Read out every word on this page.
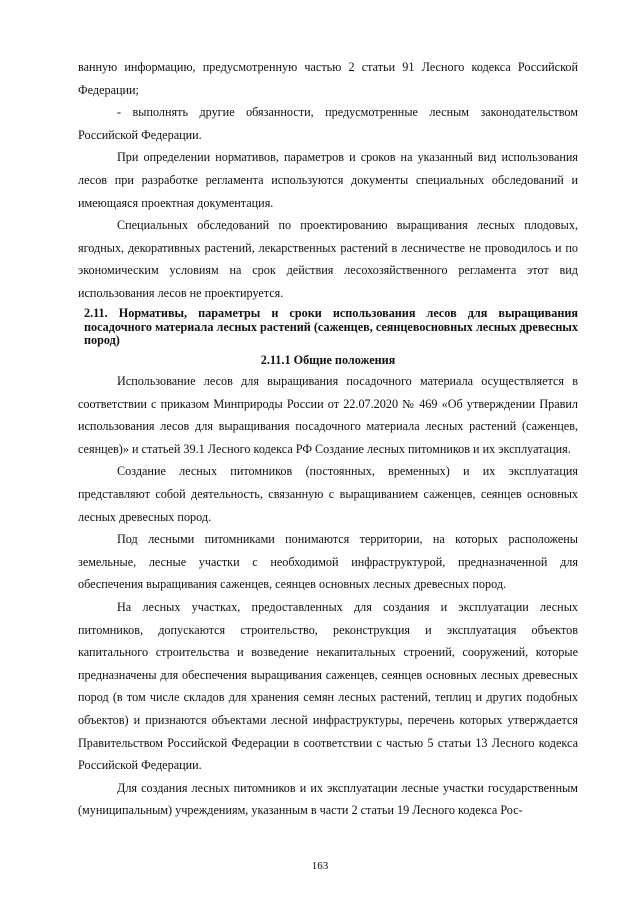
ванную информацию, предусмотренную частью 2 статьи 91 Лесного кодекса Российской Федерации;

- выполнять другие обязанности, предусмотренные лесным законодательством Российской Федерации.

При определении нормативов, параметров и сроков на указанный вид использования лесов при разработке регламента используются документы специальных обследований и имеющаяся проектная документация.

Специальных обследований по проектированию выращивания лесных плодовых, ягодных, декоративных растений, лекарственных растений в лесничестве не проводилось и по экономическим условиям на срок действия лесохозяйственного регламента этот вид использования лесов не проектируется.

2.11. Нормативы, параметры и сроки использования лесов для выращивания посадочного материала лесных растений (саженцев, сеянцевосновных лесных древесных пород)

2.11.1 Общие положения

Использование лесов для выращивания посадочного материала осуществляется в соответствии с приказом Минприроды России от 22.07.2020 № 469 «Об утверждении Правил использования лесов для выращивания посадочного материала лесных растений (саженцев, сеянцев)» и статьей 39.1 Лесного кодекса РФ Создание лесных питомников и их эксплуатация.

Создание лесных питомников (постоянных, временных) и их эксплуатация представляют собой деятельность, связанную с выращиванием саженцев, сеянцев основных лесных древесных пород.

Под лесными питомниками понимаются территории, на которых расположены земельные, лесные участки с необходимой инфраструктурой, предназначенной для обеспечения выращивания саженцев, сеянцев основных лесных древесных пород.

На лесных участках, предоставленных для создания и эксплуатации лесных питомников, допускаются строительство, реконструкция и эксплуатация объектов капитального строительства и возведение некапитальных строений, сооружений, которые предназначены для обеспечения выращивания саженцев, сеянцев основных лесных древесных пород (в том числе складов для хранения семян лесных растений, теплиц и других подобных объектов) и признаются объектами лесной инфраструктуры, перечень которых утверждается Правительством Российской Федерации в соответствии с частью 5 статьи 13 Лесного кодекса Российской Федерации.

Для создания лесных питомников и их эксплуатации лесные участки государственным (муниципальным) учреждениям, указанным в части 2 статьи 19 Лесного кодекса Рос-

163
